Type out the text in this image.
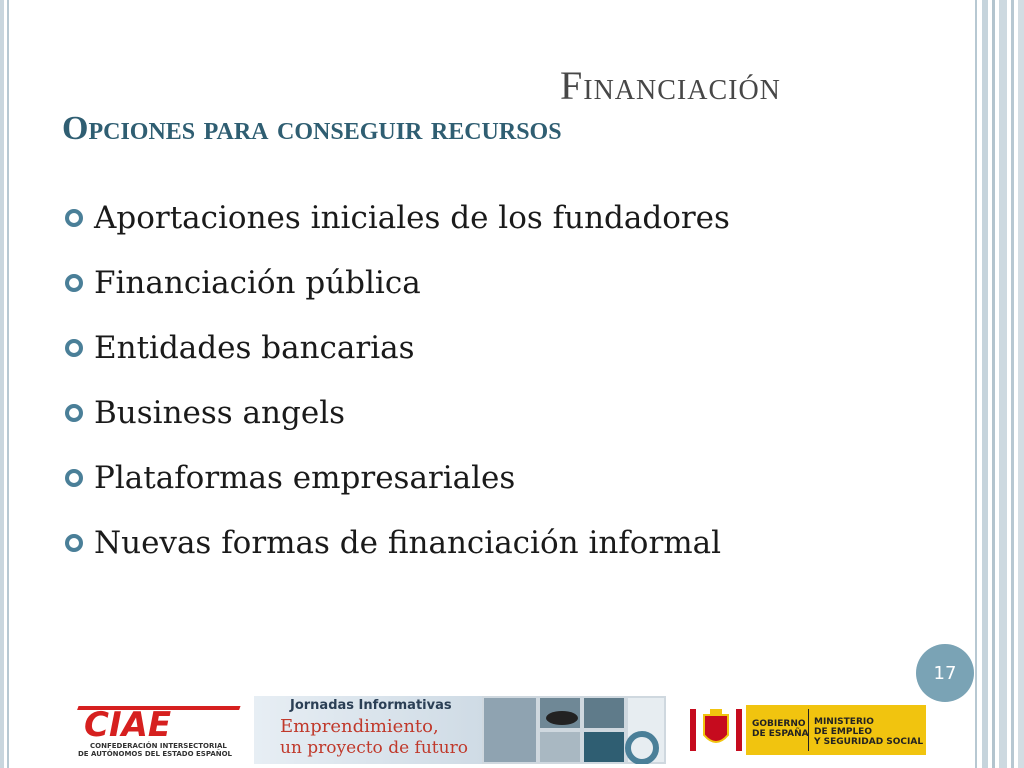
Financiación
Opciones para conseguir recursos
Aportaciones iniciales de los fundadores
Financiación pública
Entidades bancarias
Business angels
Plataformas empresariales
Nuevas formas de financiación informal
17
CIAE
CONFEDERACIÓN INTERSECTORIAL
DE AUTÓNOMOS DEL ESTADO ESPAÑOL
Jornadas Informativas
Emprendimiento,
un proyecto de futuro
GOBIERNO
DE ESPAÑA
MINISTERIO
DE EMPLEO
Y SEGURIDAD SOCIAL
